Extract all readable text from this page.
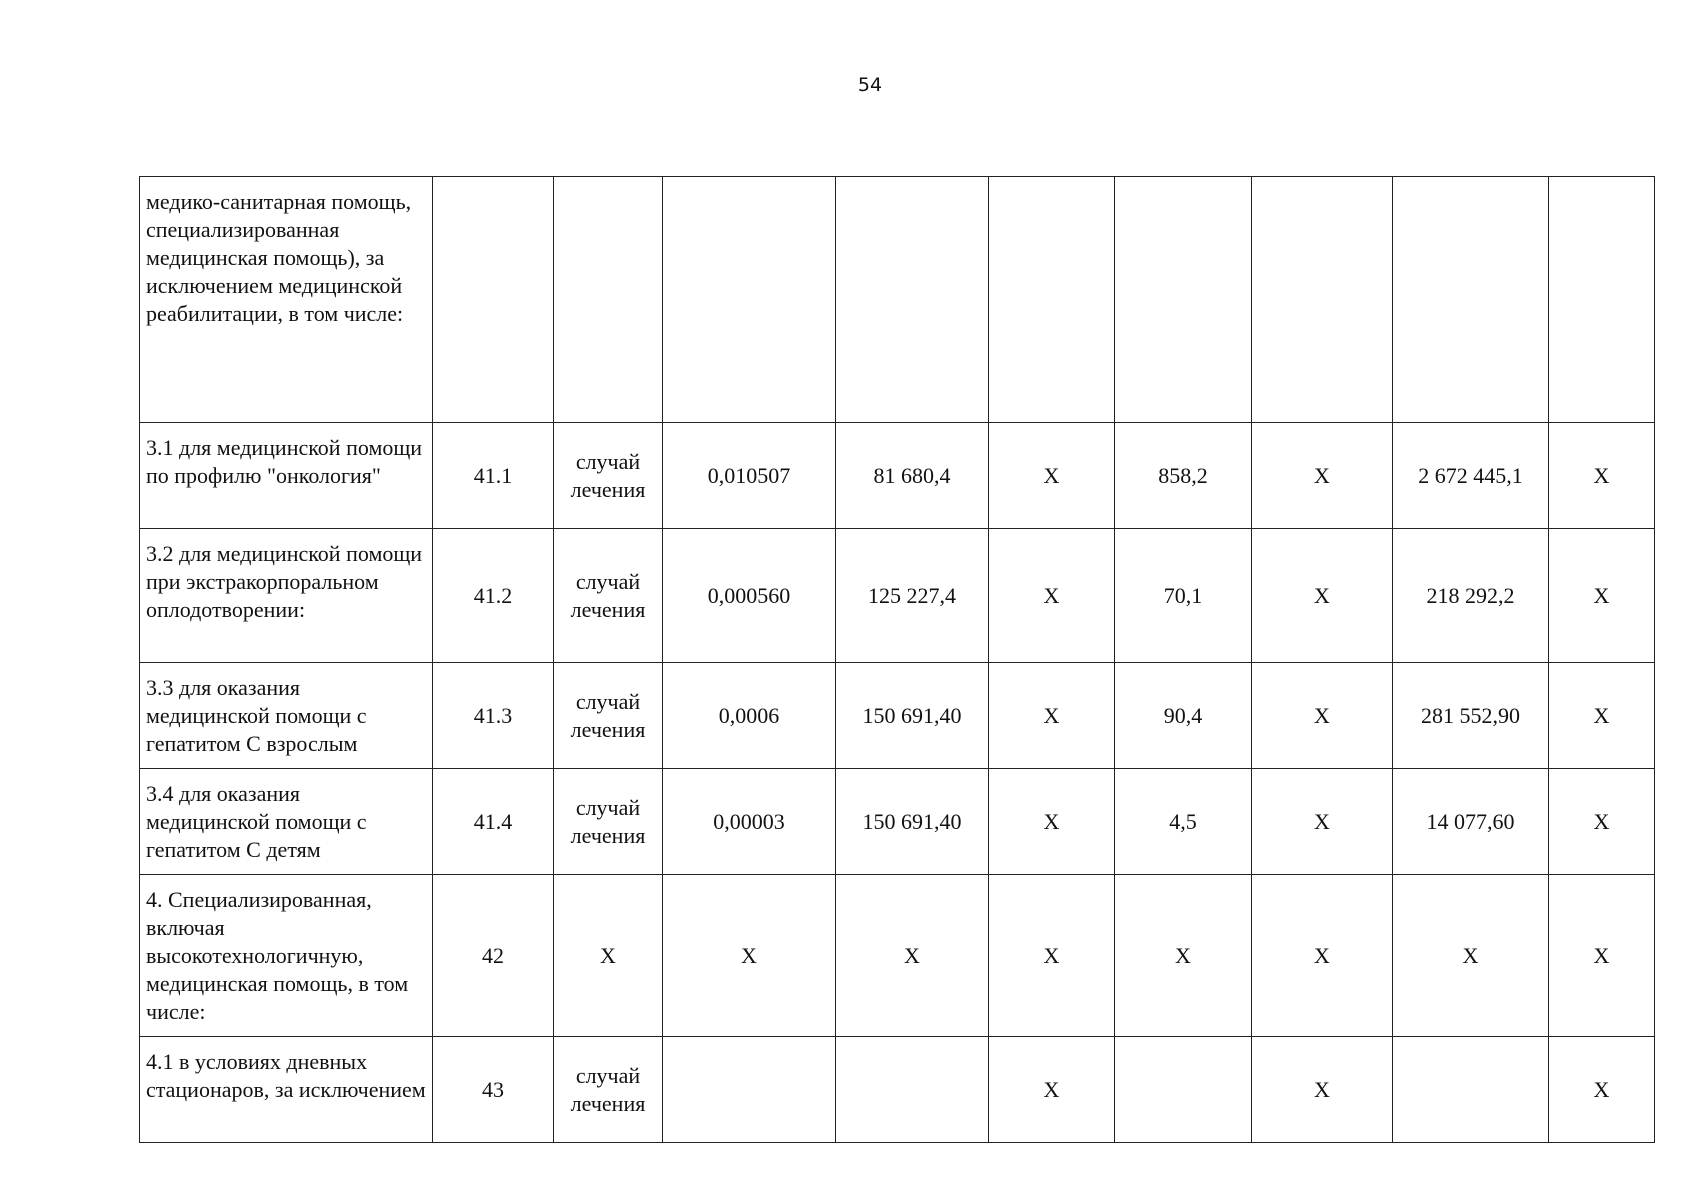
54
медико-санитарная помощь, специализированная медицинская помощь), за исключением медицинской реабилитации, в том числе:									
3.1 для медицинской помощи по профилю "онкология"	41.1	случай лечения	0,010507	81 680,4	X	858,2	X	2 672 445,1	X
3.2 для медицинской помощи при экстракорпоральном оплодотворении:	41.2	случай лечения	0,000560	125 227,4	X	70,1	X	218 292,2	X
3.3 для оказания медицинской помощи с гепатитом С взрослым	41.3	случай лечения	0,0006	150 691,40	X	90,4	X	281 552,90	X
3.4 для оказания медицинской помощи с гепатитом С детям	41.4	случай лечения	0,00003	150 691,40	X	4,5	X	14 077,60	X
4. Специализированная, включая высокотехнологичную, медицинская помощь, в том числе:	42	X	X	X	X	X	X	X	X
4.1 в условиях дневных стационаров, за исключением	43	случай лечения			X		X		X
